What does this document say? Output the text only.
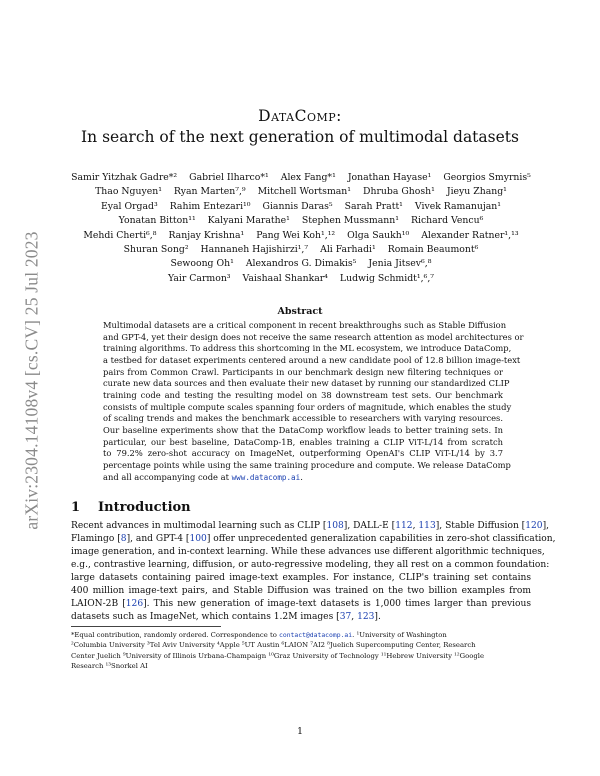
arXiv:2304.14108v4 [cs.CV] 25 Jul 2023
DataComp:
In search of the next generation of multimodal datasets
Samir Yitzhak Gadre*² Gabriel Ilharco*¹ Alex Fang*¹ Jonathan Hayase¹ Georgios Smyrnis⁵
Thao Nguyen¹ Ryan Marten⁷,⁹ Mitchell Wortsman¹ Dhruba Ghosh¹ Jieyu Zhang¹
Eyal Orgad³ Rahim Entezari¹⁰ Giannis Daras⁵ Sarah Pratt¹ Vivek Ramanujan¹
Yonatan Bitton¹¹ Kalyani Marathe¹ Stephen Mussmann¹ Richard Vencu⁶
Mehdi Cherti⁶,⁸ Ranjay Krishna¹ Pang Wei Koh¹,¹² Olga Saukh¹⁰ Alexander Ratner¹,¹³
Shuran Song² Hannaneh Hajishirzi¹,⁷ Ali Farhadi¹ Romain Beaumont⁶
Sewoong Oh¹ Alexandros G. Dimakis⁵ Jenia Jitsev⁶,⁸
Yair Carmon³ Vaishaal Shankar⁴ Ludwig Schmidt¹,⁶,⁷
Abstract
Multimodal datasets are a critical component in recent breakthroughs such as Stable Diffusion
and GPT-4, yet their design does not receive the same research attention as model architectures or
training algorithms. To address this shortcoming in the ML ecosystem, we introduce DataComp,
a testbed for dataset experiments centered around a new candidate pool of 12.8 billion image-text
pairs from Common Crawl. Participants in our benchmark design new filtering techniques or
curate new data sources and then evaluate their new dataset by running our standardized CLIP
training code and testing the resulting model on 38 downstream test sets. Our benchmark
consists of multiple compute scales spanning four orders of magnitude, which enables the study
of scaling trends and makes the benchmark accessible to researchers with varying resources.
Our baseline experiments show that the DataComp workflow leads to better training sets. In
particular, our best baseline, DataComp-1B, enables training a CLIP ViT-L/14 from scratch
to 79.2% zero-shot accuracy on ImageNet, outperforming OpenAI's CLIP ViT-L/14 by 3.7
percentage points while using the same training procedure and compute. We release DataComp
and all accompanying code at www.datacomp.ai.
1 Introduction
Recent advances in multimodal learning such as CLIP [108], DALL-E [112, 113], Stable Diffusion [120],
Flamingo [8], and GPT-4 [100] offer unprecedented generalization capabilities in zero-shot classification,
image generation, and in-context learning. While these advances use different algorithmic techniques,
e.g., contrastive learning, diffusion, or auto-regressive modeling, they all rest on a common foundation:
large datasets containing paired image-text examples. For instance, CLIP's training set contains
400 million image-text pairs, and Stable Diffusion was trained on the two billion examples from
LAION-2B [126]. This new generation of image-text datasets is 1,000 times larger than previous
datasets such as ImageNet, which contains 1.2M images [37, 123].
*Equal contribution, randomly ordered. Correspondence to contact@datacomp.ai. ¹University of Washington
²Columbia University ³Tel Aviv University ⁴Apple ⁵UT Austin ⁶LAION ⁷AI2 ⁸Juelich Supercomputing Center, Research
Center Juelich ⁹University of Illinois Urbana-Champaign ¹⁰Graz University of Technology ¹¹Hebrew University ¹²Google
Research ¹³Snorkel AI
1
